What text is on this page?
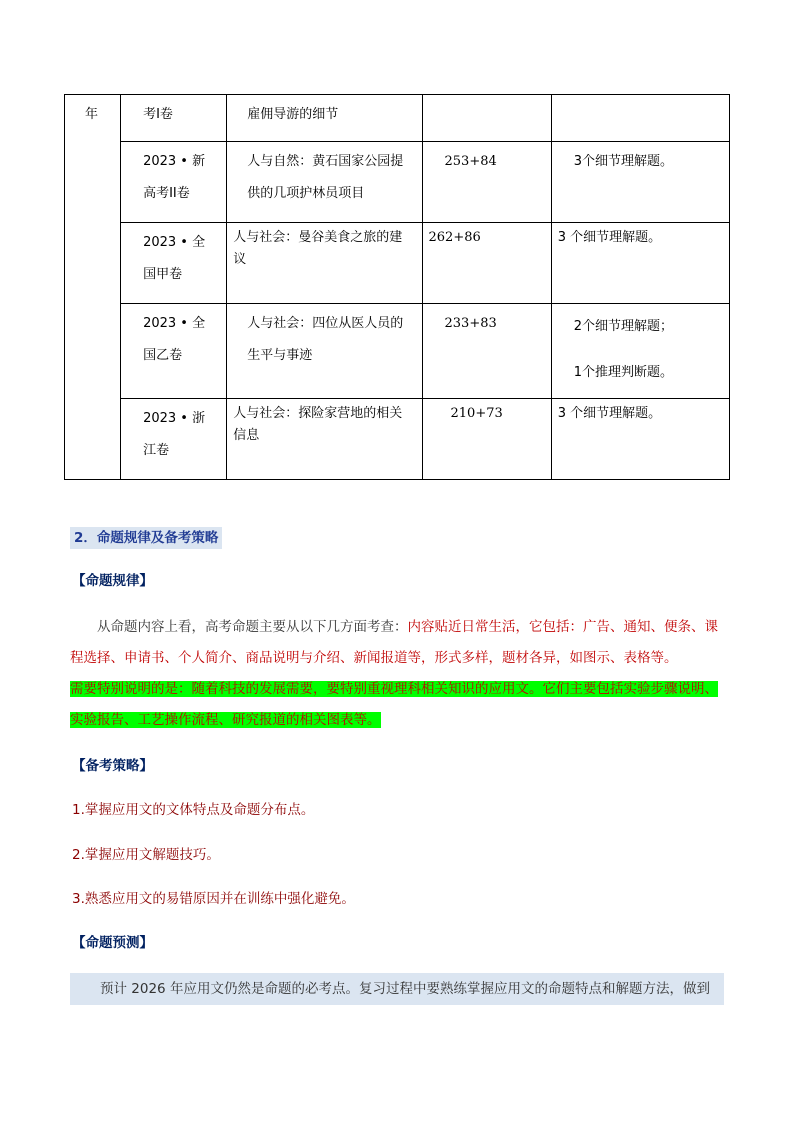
年	考I卷	雇佣导游的细节		

	2023 • 新高考II卷	人与自然：黄石国家公园提供的几项护林员项目	253+84	3个细节理解题。

	2023 • 全国甲卷	人与社会：曼谷美食之旅的建议	262+86	3 个细节理解题。

	2023 • 全国乙卷	人与社会：四位从医人员的生平与事迹	233+83	2个细节理解题；
1个推理判断题。

	2023 • 浙江卷	人与社会：探险家营地的相关信息	210+73	3 个细节理解题。
2．命题规律及备考策略
【命题规律】
从命题内容上看，高考命题主要从以下几方面考查：内容贴近日常生活，它包括：广告、通知、便条、课程选择、申请书、个人简介、商品说明与介绍、新闻报道等，形式多样，题材各异，如图示、表格等。
需要特别说明的是：随着科技的发展需要，要特别重视理科相关知识的应用文。它们主要包括实验步骤说明、实验报告、工艺操作流程、研究报道的相关图表等。
【备考策略】
1.掌握应用文的文体特点及命题分布点。
2.掌握应用文解题技巧。
3.熟悉应用文的易错原因并在训练中强化避免。
【命题预测】
预计 2026 年应用文仍然是命题的必考点。复习过程中要熟练掌握应用文的命题特点和解题方法，做到
